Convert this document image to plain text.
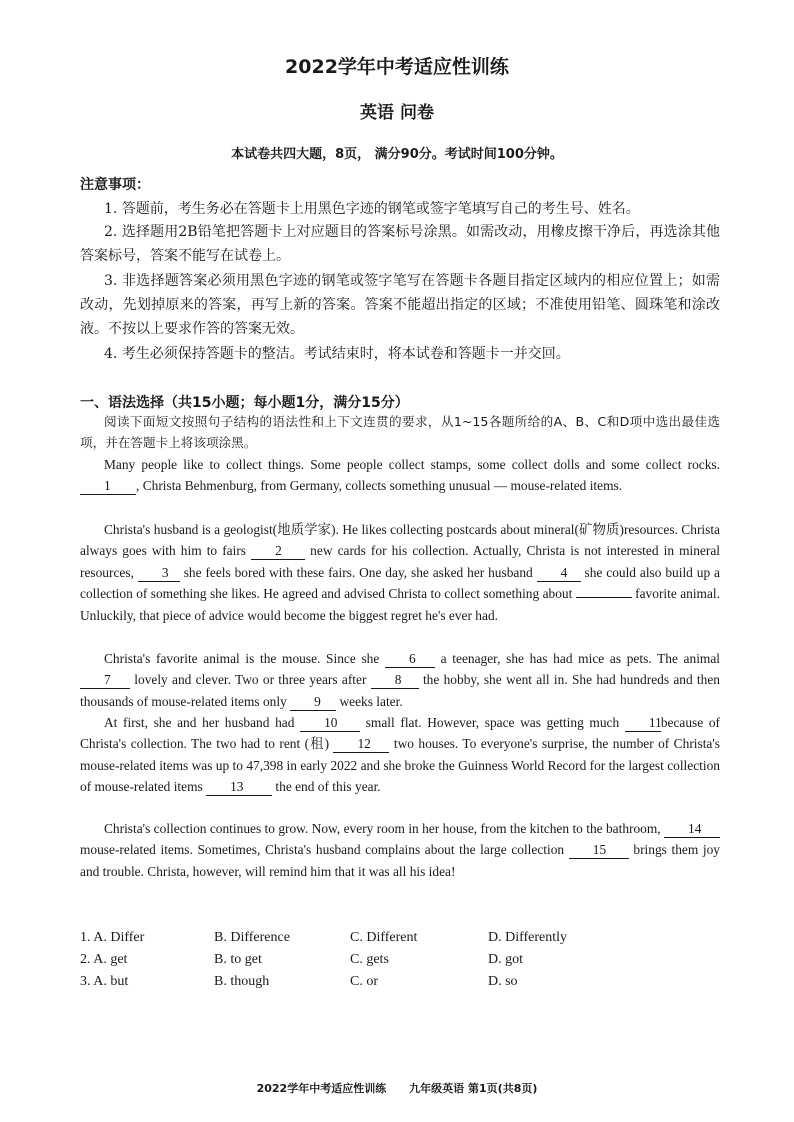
2022学年中考适应性训练
英语 问卷
本试卷共四大题，8页， 满分90分。考试时间100分钟。
注意事项：
1. 答题前，考生务必在答题卡上用黑色字迹的钢笔或签字笔填写自己的考生号、姓名。
2. 选择题用2B铅笔把答题卡上对应题目的答案标号涂黑。如需改动，用橡皮擦干净后，再选涂其他答案标号，答案不能写在试卷上。
3. 非选择题答案必须用黑色字迹的钢笔或签字笔写在答题卡各题目指定区域内的相应位置上；如需改动，先划掉原来的答案，再写上新的答案。答案不能超出指定的区域；不准使用铅笔、圆珠笔和涂改液。不按以上要求作答的答案无效。
4. 考生必须保持答题卡的整洁。考试结束时，将本试卷和答题卡一并交回。
一、语法选择（共15小题；每小题1分，满分15分）

阅读下面短文按照句子结构的语法性和上下文连贯的要求，从1~15各题所给的A、B、C和D项中选出最佳选项，并在答题卡上将该项涂黑。

Many people like to collect things. Some people collect stamps, some collect dolls and some collect rocks. 1 , Christa Behmenburg, from Germany, collects something unusual — mouse-related items.

Christa's husband is a geologist(地质学家). He likes collecting postcards about mineral(矿物质)resources. Christa always goes with him to fairs 2 new cards for his collection. Actually, Christa is not interested in mineral resources, 3 she feels bored with these fairs. One day, she asked her husband 4 she could also build up a collection of something she likes. He agreed and advised Christa to collect something about	favorite animal. Unluckily, that piece of advice would become the biggest regret he's ever had.

Christa's favorite animal is the mouse. Since she 6 a teenager, she has had mice as pets. The animal 7 lovely and clever. Two or three years after 8 the hobby, she went all in. She had hundreds and then thousands of mouse-related items only 9 weeks later.

At first, she and her husband had 10 small flat. However, space was getting much 11because of Christa's collection. The two had to rent (租) 12 two houses. To everyone's surprise, the number of Christa's mouse-related items was up to 47,398 in early 2022 and she broke the Guinness World Record for the largest collection of mouse-related items 13 the end of this year.

Christa's collection continues to grow. Now, every room in her house, from the kitchen to the bathroom, 14 mouse-related items. Sometimes, Christa's husband complains about the large collection 15 brings them joy and trouble. Christa, however, will remind him that it was all his idea!

1. A. Differ	B. Difference	C. Different	D. Differently
2. A. get	B. to get	C. gets	D. got
3. A. but	B. though	C. or	D. so
2022学年中考适应性训练      九年级英语 第1页(共8页)
